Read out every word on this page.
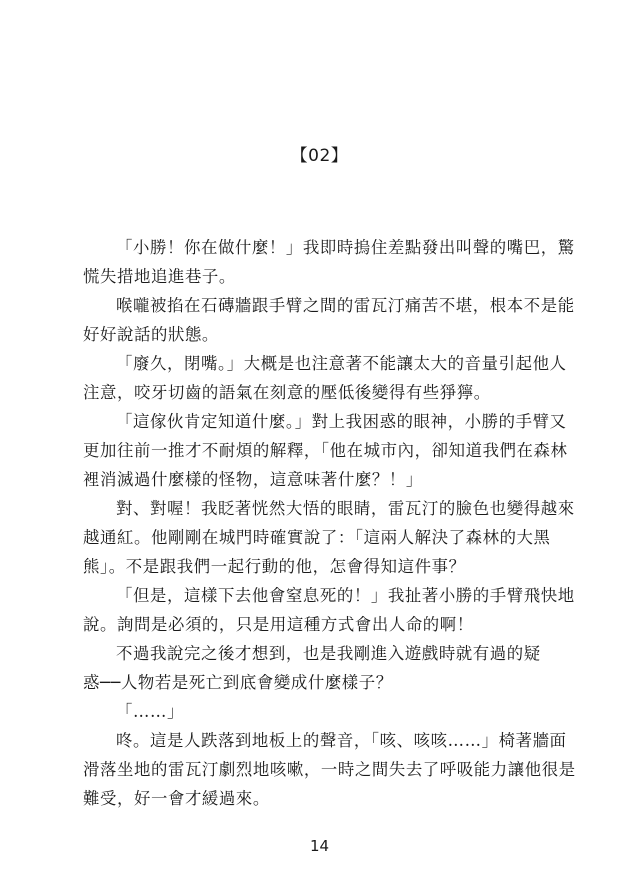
【02】
「小勝！你在做什麼！」我即時摀住差點發出叫聲的嘴巴，驚
慌失措地追進巷子。
喉嚨被掐在石磚牆跟手臂之間的雷瓦汀痛苦不堪，根本不是能
好好說話的狀態。
「廢久，閉嘴。」大概是也注意著不能讓太大的音量引起他人
注意，咬牙切齒的語氣在刻意的壓低後變得有些猙獰。
「這傢伙肯定知道什麼。」對上我困惑的眼神，小勝的手臂又
更加往前一推才不耐煩的解釋，「他在城市內，卻知道我們在森林
裡消滅過什麼樣的怪物，這意味著什麼？！」
對、對喔！我眨著恍然大悟的眼睛，雷瓦汀的臉色也變得越來
越通紅。他剛剛在城門時確實說了：「這兩人解決了森林的大黑
熊」。不是跟我們一起行動的他，怎會得知這件事？
「但是，這樣下去他會窒息死的！」我扯著小勝的手臂飛快地
說。詢問是必須的，只是用這種方式會出人命的啊！
不過我說完之後才想到，也是我剛進入遊戲時就有過的疑
惑──人物若是死亡到底會變成什麼樣子？
「……」
咚。這是人跌落到地板上的聲音，「咳、咳咳……」椅著牆面
滑落坐地的雷瓦汀劇烈地咳嗽，一時之間失去了呼吸能力讓他很是
難受，好一會才緩過來。
14
